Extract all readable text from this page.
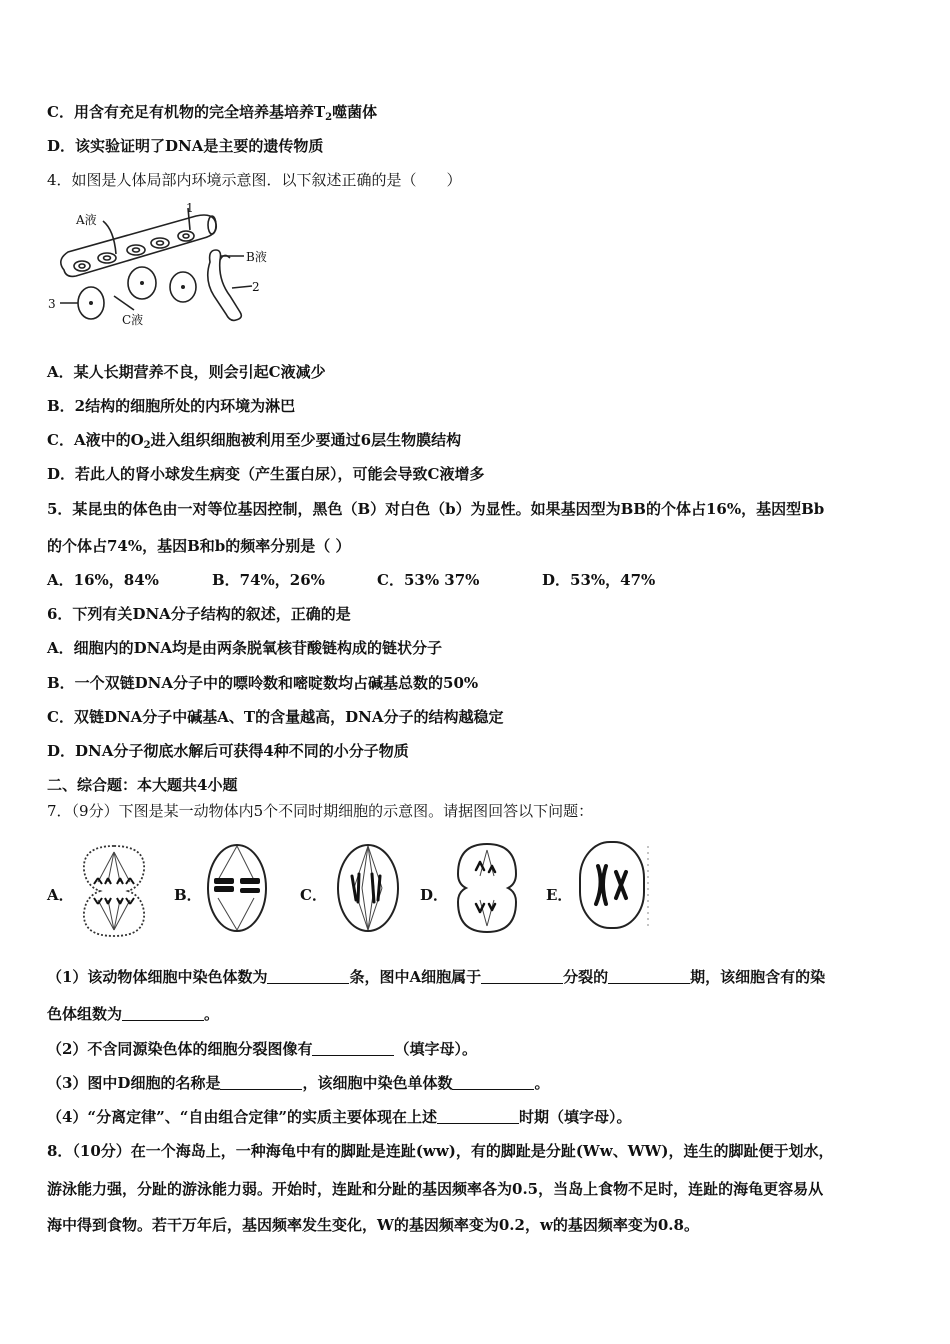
C．用含有充足有机物的完全培养基培养$T_2$噬菌体
D．该实验证明了DNA是主要的遗传物质
4．如图是人体局部内环境示意图．以下叙述正确的是（　　）
A液
1
B液
2
3
C液
A．某人长期营养不良，则会引起C液减少
B．2结构的细胞所处的内环境为淋巴
C．A液中的$O_2$进入组织细胞被利用至少要通过6层生物膜结构
D．若此人的肾小球发生病变（产生蛋白尿），可能会导致C液增多
5．某昆虫的体色由一对等位基因控制，黑色（B）对白色（b）为显性。如果基因型为BB的个体占16%，基因型Bb
的个体占74%，基因B和b的频率分别是（ ）
A．16%，84%	B．74%，26%	C．53% 37%	D．53%，47%
6．下列有关DNA分子结构的叙述，正确的是
A．细胞内的DNA均是由两条脱氧核苷酸链构成的链状分子
B．一个双链DNA分子中的嘌呤数和嘧啶数均占碱基总数的50%
C．双链DNA分子中碱基A、T的含量越高，DNA分子的结构越稳定
D．DNA分子彻底水解后可获得4种不同的小分子物质
二、综合题：本大题共4小题
7．（9分）下图是某一动物体内5个不同时期细胞的示意图。请据图回答以下问题：
A．	B．	C．	D．	E．
（1）该动物体细胞中染色体数为	条，图中A细胞属于	分裂的	期，该细胞含有的染
色体组数为	。
（2）不含同源染色体的细胞分裂图像有	（填字母）。
（3）图中D细胞的名称是	，该细胞中染色单体数	。
（4）“分离定律”、“自由组合定律”的实质主要体现在上述	时期（填字母）。
8．（10分）在一个海岛上，一种海龟中有的脚趾是连趾(ww)，有的脚趾是分趾(Ww、WW)，连生的脚趾便于划水，
游泳能力强，分趾的游泳能力弱。开始时，连趾和分趾的基因频率各为0.5，当岛上食物不足时，连趾的海龟更容易从
海中得到食物。若干万年后，基因频率发生变化，W的基因频率变为0.2，w的基因频率变为0.8。
